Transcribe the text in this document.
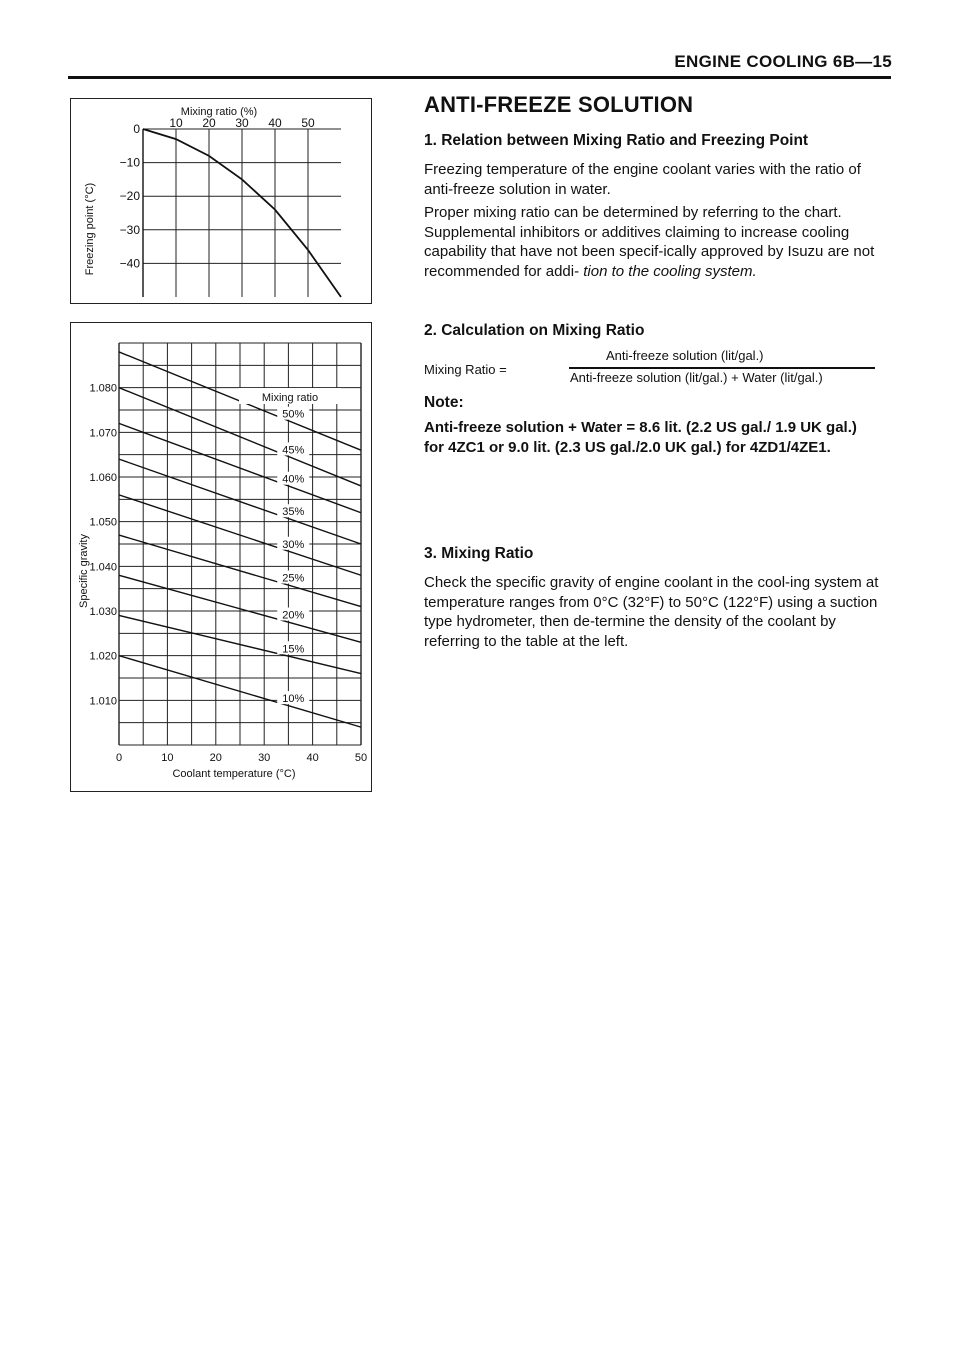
ENGINE COOLING 6B—15
10 20 30 40 50
0
−10
−20
−30
−40
Mixing ratio (%)
Freezing point (°C)
0	10	20	30	40	50
1.080
1.070
1.060
1.050
1.040
1.030
1.020
1.010
50%
45%
40%
35%
30%
25%
20%
15%
10%
Mixing ratio
Specific gravity
Coolant temperature (°C)
ANTI-FREEZE SOLUTION

1. Relation between Mixing Ratio and Freezing Point

Freezing temperature of the engine coolant varies with the ratio of anti-freeze solution in water.

Proper mixing ratio can be determined by referring to the chart. Supplemental inhibitors or additives claiming to increase cooling capability that have not been specif-ically approved by Isuzu are not recommended for addi- tion to the cooling system.

2. Calculation on Mixing Ratio

Mixing Ratio =
Anti-freeze solution (lit/gal.)
Anti-freeze solution (lit/gal.) + Water (lit/gal.)

Note:

Anti-freeze solution + Water = 8.6 lit. (2.2 US gal./ 1.9 UK gal.) for 4ZC1 or 9.0 lit. (2.3 US gal./2.0 UK gal.) for 4ZD1/4ZE1.

3. Mixing Ratio

Check the specific gravity of engine coolant in the cool-ing system at temperature ranges from 0°C (32°F) to 50°C (122°F) using a suction type hydrometer, then de-termine the density of the coolant by referring to the table at the left.
